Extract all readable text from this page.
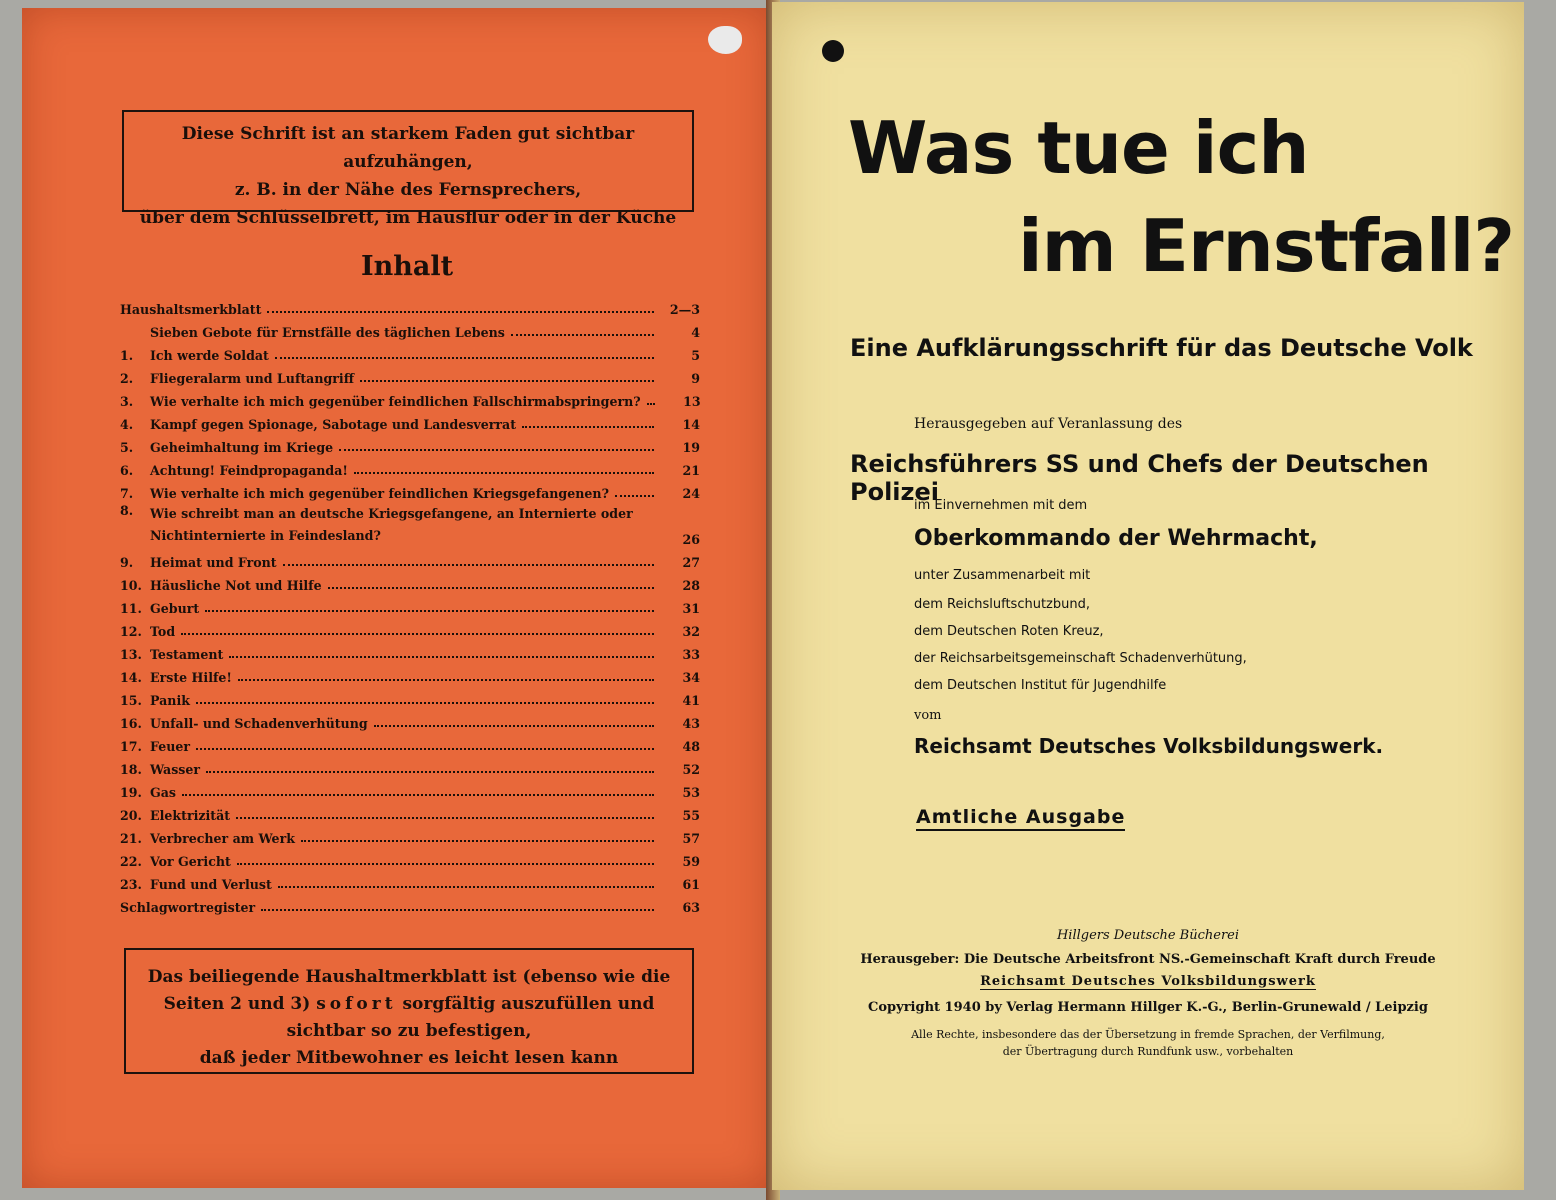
Diese Schrift ist an starkem Faden gut sichtbar aufzuhängen,
z. B. in der Nähe des Fernsprechers,
über dem Schlüsselbrett, im Hausflur oder in der Küche
Inhalt
Haushaltsmerkblatt	2—3
Sieben Gebote für Ernstfälle des täglichen Lebens	4
1.	Ich werde Soldat	5
2.	Fliegeralarm und Luftangriff	9
3.	Wie verhalte ich mich gegenüber feindlichen Fallschirmabspringern?	13
4.	Kampf gegen Spionage, Sabotage und Landesverrat	14
5.	Geheimhaltung im Kriege	19
6.	Achtung! Feindpropaganda!	21
7.	Wie verhalte ich mich gegenüber feindlichen Kriegsgefangenen?	24
8.	Wie schreibt man an deutsche Kriegsgefangene, an Internierte oder Nichtinternierte in Feindesland?	26
9.	Heimat und Front	27
10. Häusliche Not und Hilfe	28
11. Geburt	31
12. Tod	32
13. Testament	33
14. Erste Hilfe!	34
15. Panik	41
16. Unfall- und Schadenverhütung	43
17. Feuer	48
18. Wasser	52
19. Gas	53
20. Elektrizität	55
21. Verbrecher am Werk	57
22. Vor Gericht	59
23. Fund und Verlust	61
Schlagwortregister	63
Das beiliegende Haushaltmerkblatt ist (ebenso wie die
Seiten 2 und 3) sofort sorgfältig auszufüllen und
sichtbar so zu befestigen,
daß jeder Mitbewohner es leicht lesen kann
Was tue ich
im Ernstfall?
Eine Aufklärungsschrift für das Deutsche Volk
Herausgegeben auf Veranlassung des
Reichsführers SS und Chefs der Deutschen Polizei
im Einvernehmen mit dem
Oberkommando der Wehrmacht,
unter Zusammenarbeit mit
dem Reichsluftschutzbund,
dem Deutschen Roten Kreuz,
der Reichsarbeitsgemeinschaft Schadenverhütung,
dem Deutschen Institut für Jugendhilfe
vom
Reichsamt Deutsches Volksbildungswerk.
Amtliche Ausgabe
Hillgers Deutsche Bücherei
Herausgeber: Die Deutsche Arbeitsfront NS.-Gemeinschaft Kraft durch Freude
Reichsamt Deutsches Volksbildungswerk
Copyright 1940 by Verlag Hermann Hillger K.-G., Berlin-Grunewald / Leipzig
Alle Rechte, insbesondere das der Übersetzung in fremde Sprachen, der Verfilmung,
der Übertragung durch Rundfunk usw., vorbehalten
